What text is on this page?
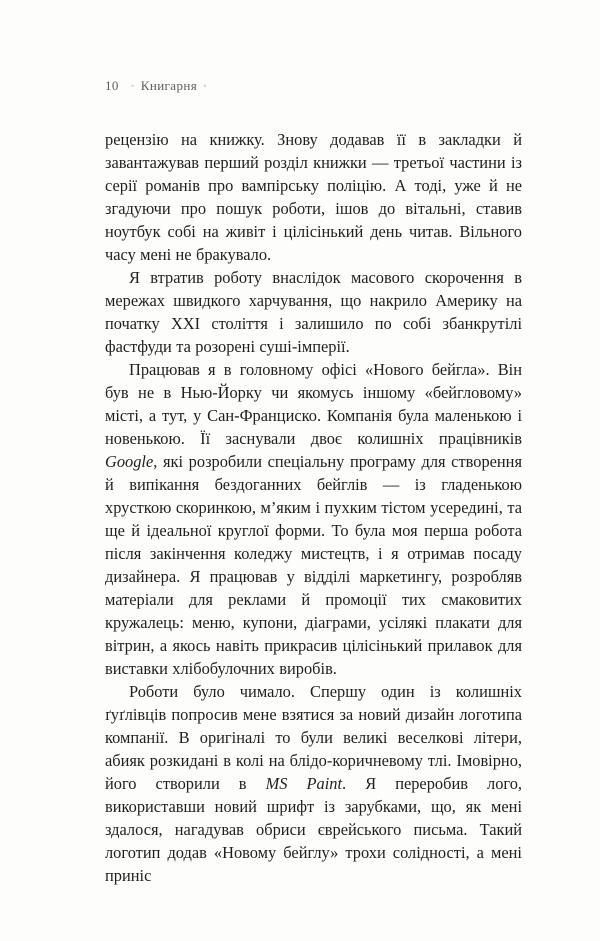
10 ◦ Книгарня ◦

рецензію на книжку. Знову додавав її в закладки й завантажував перший розділ книжки — третьої частини із серії романів про вампірську поліцію. А тоді, уже й не згадуючи про пошук роботи, ішов до вітальні, ставив ноутбук собі на живіт і цілісінький день читав. Вільного часу мені не бракувало.

Я втратив роботу внаслідок масового скорочення в мережах швидкого харчування, що накрило Америку на початку XXI століття і залишило по собі збанкрутілі фастфуди та розорені суші-імперії.

Працював я в головному офісі «Нового бейгла». Він був не в Нью-Йорку чи якомусь іншому «бейгловому» місті, а тут, у Сан-Франциско. Компанія була маленькою і новенькою. Її заснували двоє колишніх працівників Google, які розробили спеціальну програму для створення й випікання бездоганних бейглів — із гладенькою хрусткою скоринкою, м’яким і пухким тістом усередині, та ще й ідеальної круглої форми. То була моя перша робота після закінчення коледжу мистецтв, і я отримав посаду дизайнера. Я працював у відділі маркетингу, розробляв матеріали для реклами й промоції тих смаковитих кружалець: меню, купони, діаграми, усілякі плакати для вітрин, а якось навіть прикрасив цілісінький прилавок для виставки хлібобулочних виробів.

Роботи було чимало. Спершу один із колишніх ґуґлівців попросив мене взятися за новий дизайн логотипа компанії. В оригіналі то були великі веселкові літери, абияк розкидані в колі на блідо-коричневому тлі. Імовірно, його створили в MS Paint. Я переробив лого, використавши новий шрифт із зарубками, що, як мені здалося, нагадував обриси єврейського письма. Такий логотип додав «Новому бейглу» трохи солідності, а мені приніс
